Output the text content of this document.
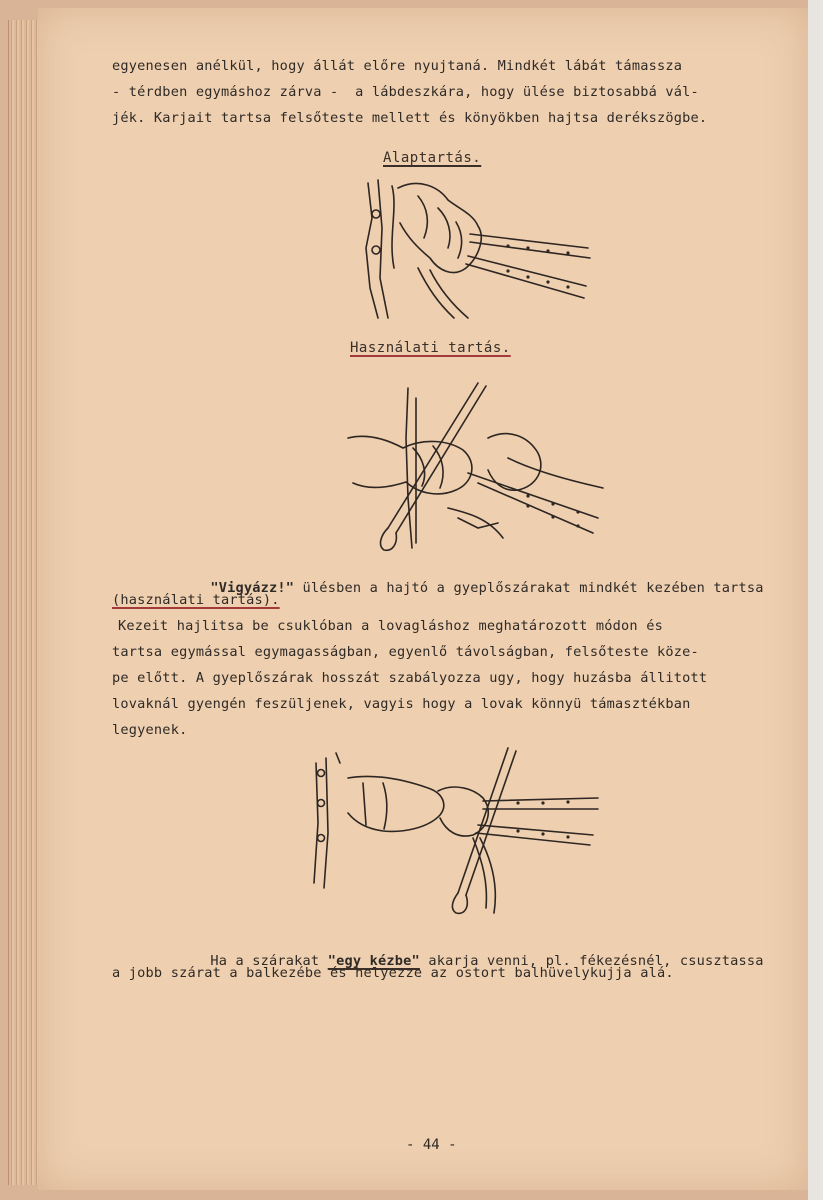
egyenesen anélkül, hogy állát előre nyujtaná. Mindkét lábát támassza

- térdben egymáshoz zárva -  a lábdeszkára, hogy ülése biztosabbá vál-

jék. Karjait tartsa felsőteste mellett és könyökben hajtsa derékszögbe.

Alaptartás.
Használati tartás.

"Vigyázz!" ülésben a hajtó a gyeplőszárakat mindkét kezében tartsa

(használati tartás).

Kezeit hajlitsa be csuklóban a lovagláshoz meghatározott módon és

tartsa egymással egymagasságban, egyenlő távolságban, felsőteste köze-

pe előtt. A gyeplőszárak hosszát szabályozza ugy, hogy huzásba állitott

lovaknál gyengén feszüljenek, vagyis hogy a lovak könnyü támasztékban

legyenek.

Ha a szárakat "egy kézbe" akarja venni, pl. fékezésnél, csusztassa

a jobb szárat a balkezébe és helyezze az ostort balhüvelykujja alá.

- 44 -
